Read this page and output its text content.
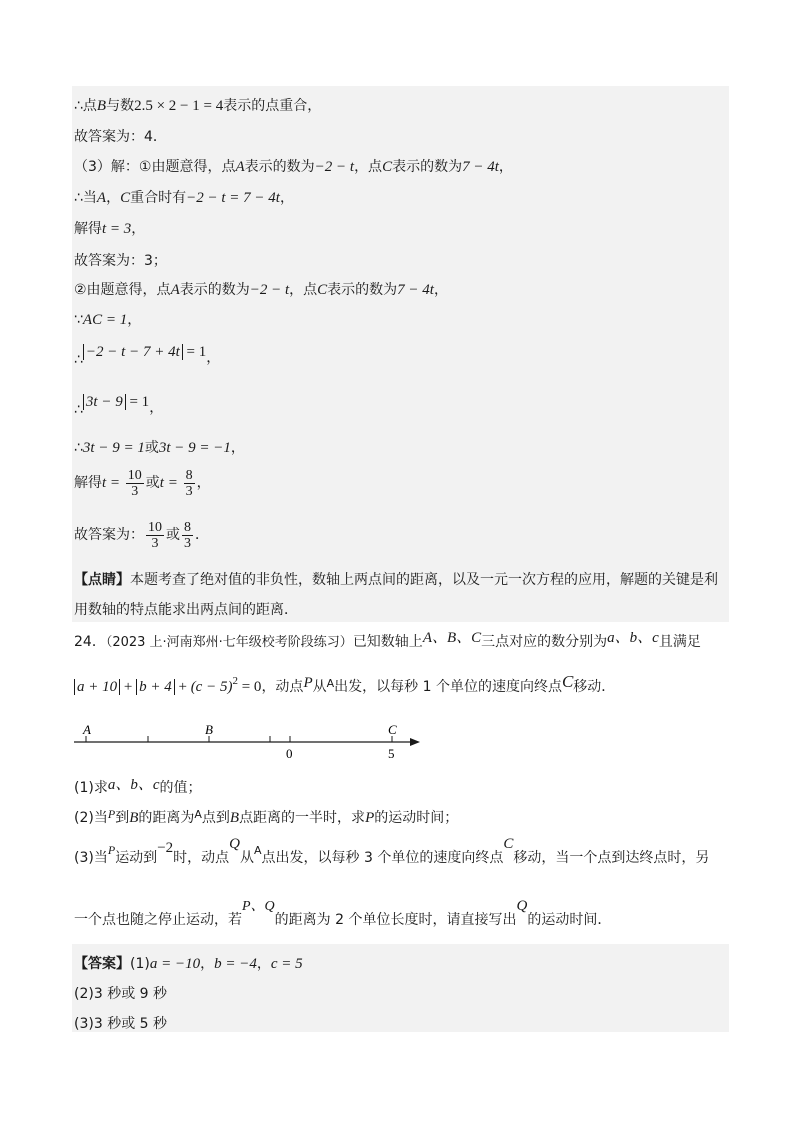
∴点B与数2.5 × 2 − 1 = 4表示的点重合，
故答案为：4．
（3）解：①由题意得，点A表示的数为−2 − t，点C表示的数为7 − 4t，
∴当A，C重合时有−2 − t = 7 − 4t，
解得t = 3，
故答案为：3；
②由题意得，点A表示的数为−2 − t，点C表示的数为7 − 4t，
∵AC = 1，
∴ −2 − t − 7 + 4t = 1，
∴ 3t − 9 = 1，
∴3t − 9 = 1或3t − 9 = −1，
解得$t = \frac{10}{3}$ 或$t = \frac{8}{3}$ ，
故答案为： $\frac{10}{3}$ 或 $\frac{8}{3}$ ．
【点睛】本题考查了绝对值的非负性，数轴上两点间的距离，以及一元一次方程的应用，解题的关键是利
用数轴的特点能求出两点间的距离．
24．（2023 上·河南郑州·七年级校考阶段练习）已知数轴上A、B、C三点对应的数分别为a、b、c且满足
$a + 10 + b + 4 + (c - 5)^2 = 0$，动点P从$^A$出发，以每秒 1 个单位的速度向终点C移动．
A	B	C
0	5
(1)求a、b、c的值；
(2)当P到B的距离为$^A$点到B点距离的一半时，求P的运动时间；
(3)当P运动到−2时，动点Q从$^A$点出发，以每秒 3 个单位的速度向终点C移动，当一个点到达终点时，另
一个点也随之停止运动，若P、Q的距离为 2 个单位长度时，请直接写出Q的运动时间．
【答案】(1)a = −10，b = −4，c = 5
(2)3 秒或 9 秒
(3)3 秒或 5 秒
